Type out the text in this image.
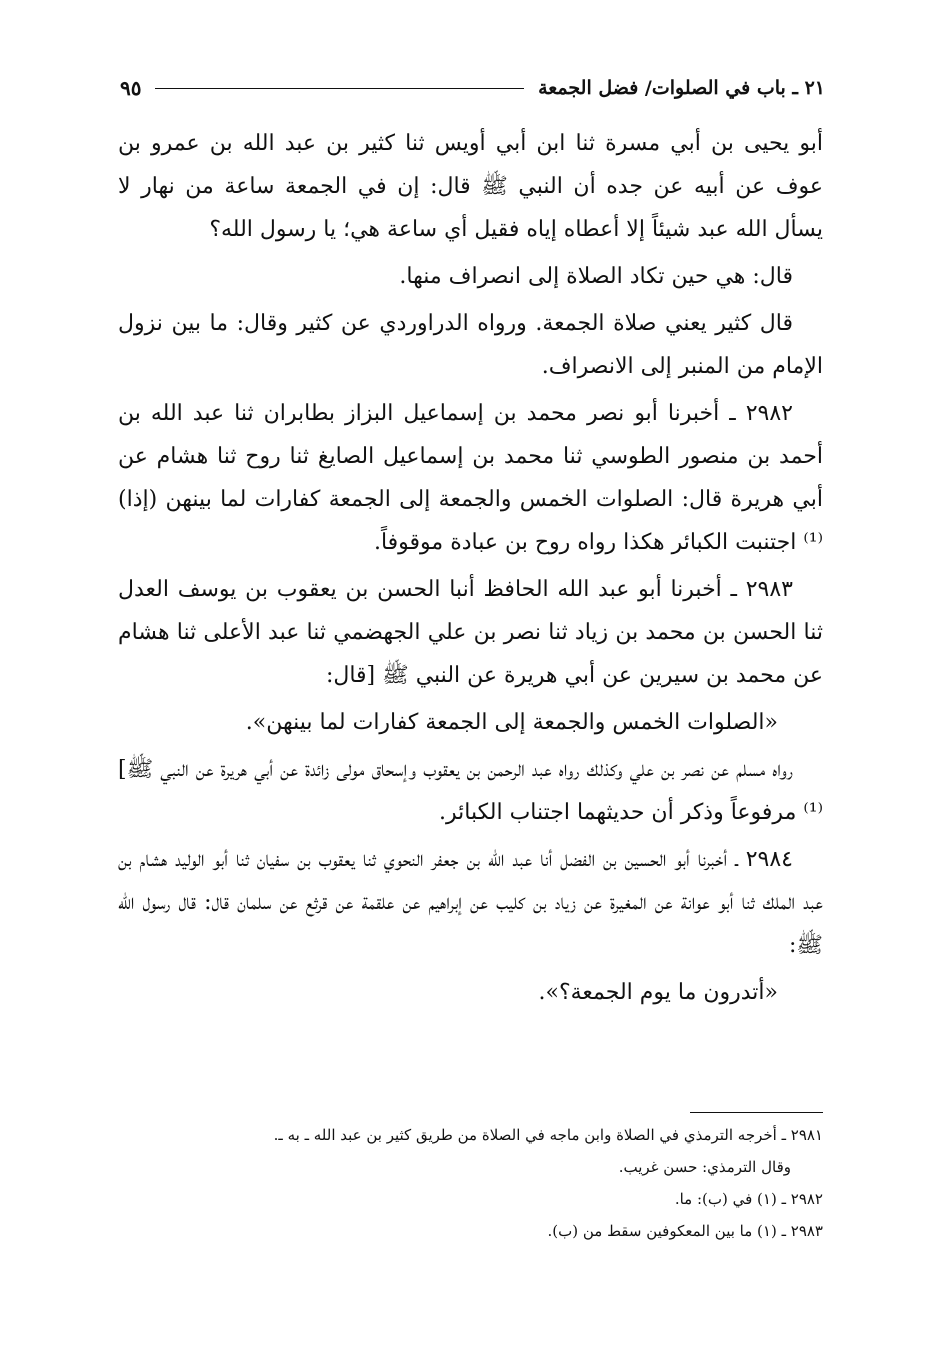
٢١ ـ باب في الصلوات/ فضل الجمعة
٩٥

أبو يحيى بن أبي مسرة ثنا ابن أبي أويس ثنا كثير بن عبد الله بن عمرو بن عوف عن أبيه عن جده أن النبي ﷺ قال: إن في الجمعة ساعة من نهار لا يسأل الله عبد شيئاً إلا أعطاه إياه فقيل أي ساعة هي؛ يا رسول الله؟

قال: هي حين تكاد الصلاة إلى انصراف منها.

قال كثير يعني صلاة الجمعة. ورواه الدراوردي عن كثير وقال: ما بين نزول الإمام من المنبر إلى الانصراف.

٢٩٨٢ ـ أخبرنا أبو نصر محمد بن إسماعيل البزاز بطابران ثنا عبد الله بن أحمد بن منصور الطوسي ثنا محمد بن إسماعيل الصايغ ثنا روح ثنا هشام عن أبي هريرة قال: الصلوات الخمس والجمعة إلى الجمعة كفارات لما بينهن (إذا)⁽¹⁾ اجتنبت الكبائر هكذا رواه روح بن عبادة موقوفاً.

٢٩٨٣ ـ أخبرنا أبو عبد الله الحافظ أنبا الحسن بن يعقوب بن يوسف العدل ثنا الحسن بن محمد بن زياد ثنا نصر بن علي الجهضمي ثنا عبد الأعلى ثنا هشام عن محمد بن سيرين عن أبي هريرة عن النبي ﷺ [قال:

«الصلوات الخمس والجمعة إلى الجمعة كفارات لما بينهن».

رواه مسلم عن نصر بن علي وكذلك رواه عبد الرحمن بن يعقوب وإسحاق مولى زائدة عن أبي هريرة عن النبي ﷺ]⁽¹⁾ مرفوعاً وذكر أن حديثهما اجتناب الكبائر.

٢٩٨٤ ـ أخبرنا أبو الحسين بن الفضل أنا عبد الله بن جعفر النحوي ثنا يعقوب بن سفيان ثنا أبو الوليد هشام بن عبد الملك ثنا أبو عوانة عن المغيرة عن زياد بن كليب عن إبراهيم عن علقمة عن قرثع عن سلمان قال: قال رسول الله ﷺ:

«أتدرون ما يوم الجمعة؟».

٢٩٨١ ـ أخرجه الترمذي في الصلاة وابن ماجه في الصلاة من طريق كثير بن عبد الله ـ به ـ.

وقال الترمذي: حسن غريب.

٢٩٨٢ ـ (١) في (ب): ما.

٢٩٨٣ ـ (١) ما بين المعكوفين سقط من (ب).
